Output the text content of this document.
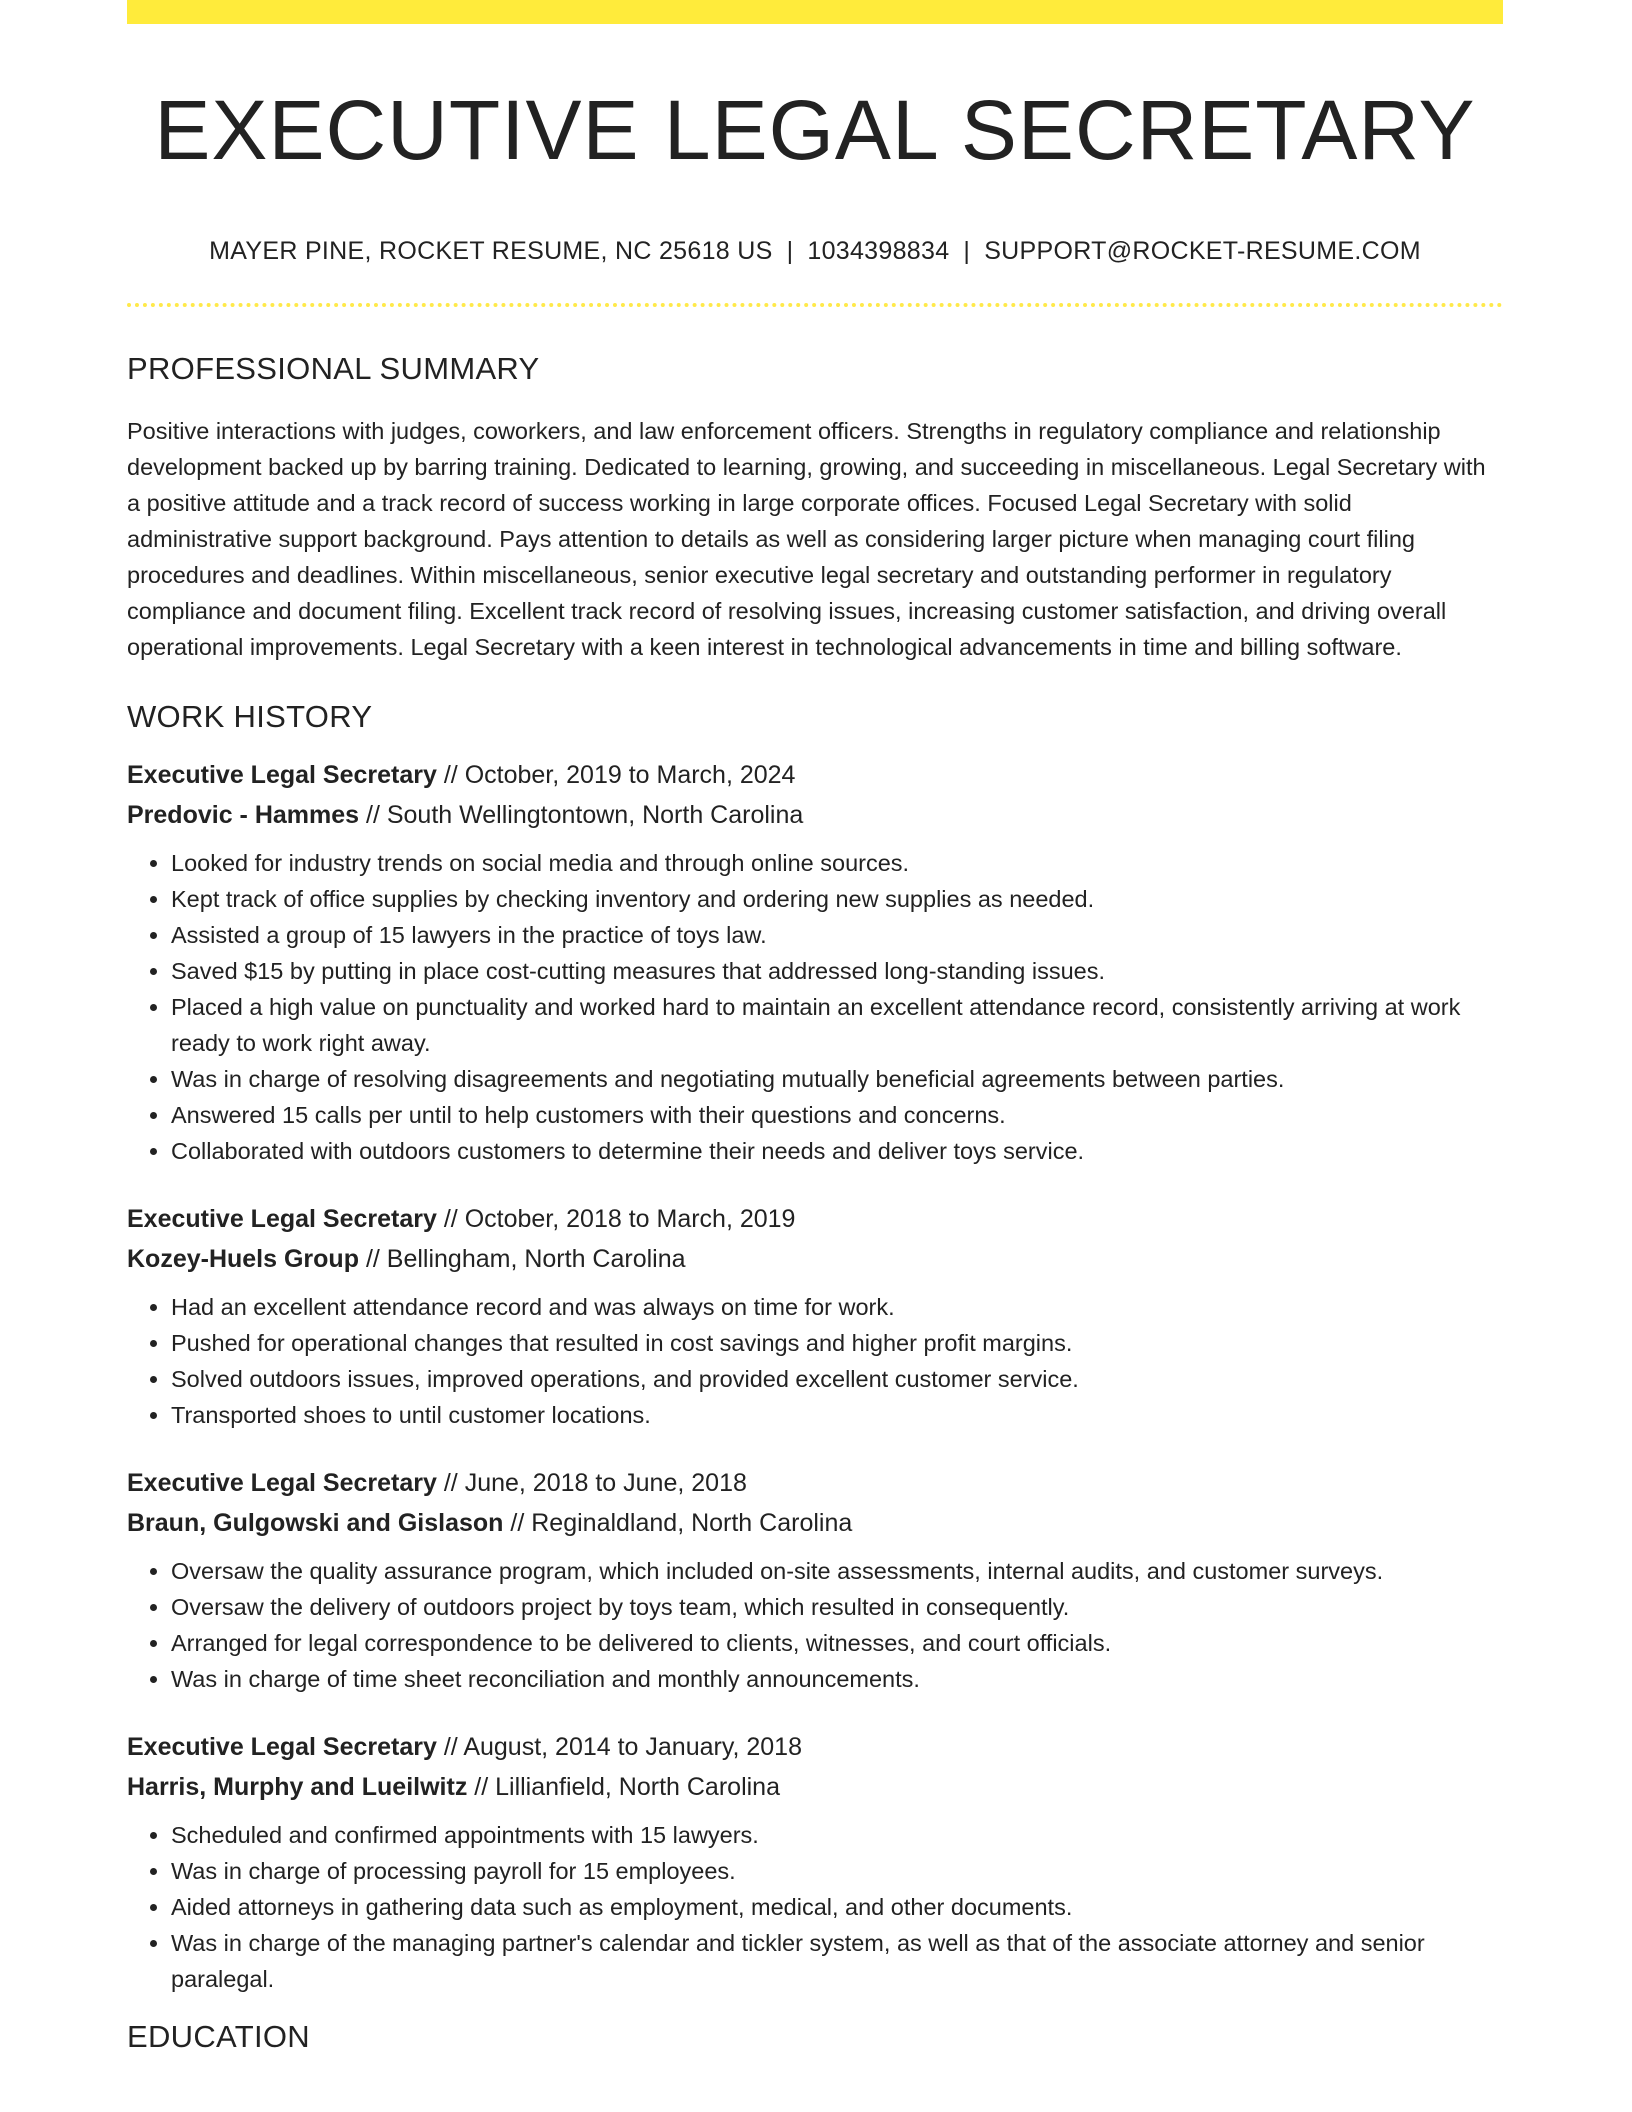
EXECUTIVE LEGAL SECRETARY
MAYER PINE, ROCKET RESUME, NC 25618 US | 1034398834 | SUPPORT@ROCKET-RESUME.COM
PROFESSIONAL SUMMARY

Positive interactions with judges, coworkers, and law enforcement officers. Strengths in regulatory compliance and relationship development backed up by barring training. Dedicated to learning, growing, and succeeding in miscellaneous. Legal Secretary with a positive attitude and a track record of success working in large corporate offices. Focused Legal Secretary with solid administrative support background. Pays attention to details as well as considering larger picture when managing court filing procedures and deadlines. Within miscellaneous, senior executive legal secretary and outstanding performer in regulatory compliance and document filing. Excellent track record of resolving issues, increasing customer satisfaction, and driving overall operational improvements. Legal Secretary with a keen interest in technological advancements in time and billing software.

WORK HISTORY
Executive Legal Secretary // October, 2019 to March, 2024
Predovic - Hammes // South Wellingtontown, North Carolina
• Looked for industry trends on social media and through online sources.
• Kept track of office supplies by checking inventory and ordering new supplies as needed.
• Assisted a group of 15 lawyers in the practice of toys law.
• Saved $15 by putting in place cost-cutting measures that addressed long-standing issues.
• Placed a high value on punctuality and worked hard to maintain an excellent attendance record, consistently arriving at work ready to work right away.
• Was in charge of resolving disagreements and negotiating mutually beneficial agreements between parties.
• Answered 15 calls per until to help customers with their questions and concerns.
• Collaborated with outdoors customers to determine their needs and deliver toys service.
Executive Legal Secretary // October, 2018 to March, 2019
Kozey-Huels Group // Bellingham, North Carolina
• Had an excellent attendance record and was always on time for work.
• Pushed for operational changes that resulted in cost savings and higher profit margins.
• Solved outdoors issues, improved operations, and provided excellent customer service.
• Transported shoes to until customer locations.
Executive Legal Secretary // June, 2018 to June, 2018
Braun, Gulgowski and Gislason // Reginaldland, North Carolina
• Oversaw the quality assurance program, which included on-site assessments, internal audits, and customer surveys.
• Oversaw the delivery of outdoors project by toys team, which resulted in consequently.
• Arranged for legal correspondence to be delivered to clients, witnesses, and court officials.
• Was in charge of time sheet reconciliation and monthly announcements.
Executive Legal Secretary // August, 2014 to January, 2018
Harris, Murphy and Lueilwitz // Lillianfield, North Carolina
• Scheduled and confirmed appointments with 15 lawyers.
• Was in charge of processing payroll for 15 employees.
• Aided attorneys in gathering data such as employment, medical, and other documents.
• Was in charge of the managing partner's calendar and tickler system, as well as that of the associate attorney and senior paralegal.
EDUCATION
